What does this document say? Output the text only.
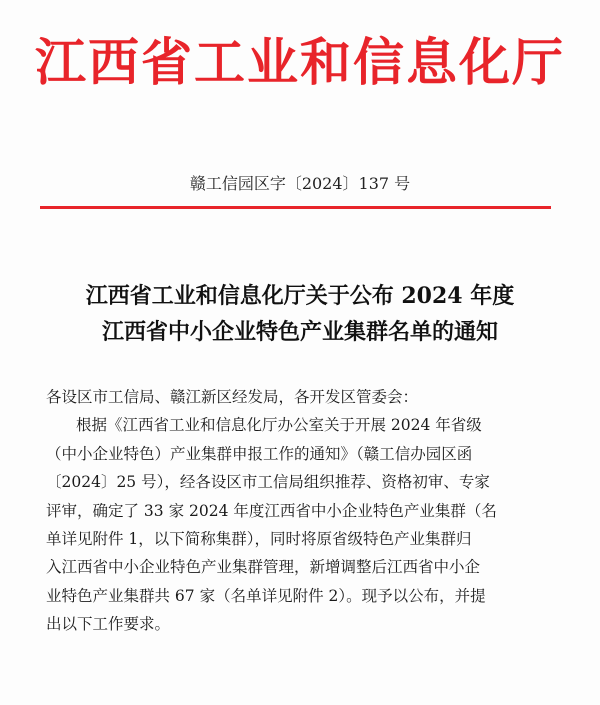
江西省工业和信息化厅
赣工信园区字〔2024〕137 号
江西省工业和信息化厅关于公布 2024 年度
江西省中小企业特色产业集群名单的通知
各设区市工信局、赣江新区经发局，各开发区管委会：
根据《江西省工业和信息化厅办公室关于开展 2024 年省级
（中小企业特色）产业集群申报工作的通知》（赣工信办园区函
〔2024〕25 号），经各设区市工信局组织推荐、资格初审、专家
评审，确定了 33 家 2024 年度江西省中小企业特色产业集群（名
单详见附件 1，以下简称集群），同时将原省级特色产业集群归
入江西省中小企业特色产业集群管理，新增调整后江西省中小企
业特色产业集群共 67 家（名单详见附件 2）。现予以公布，并提
出以下工作要求。
